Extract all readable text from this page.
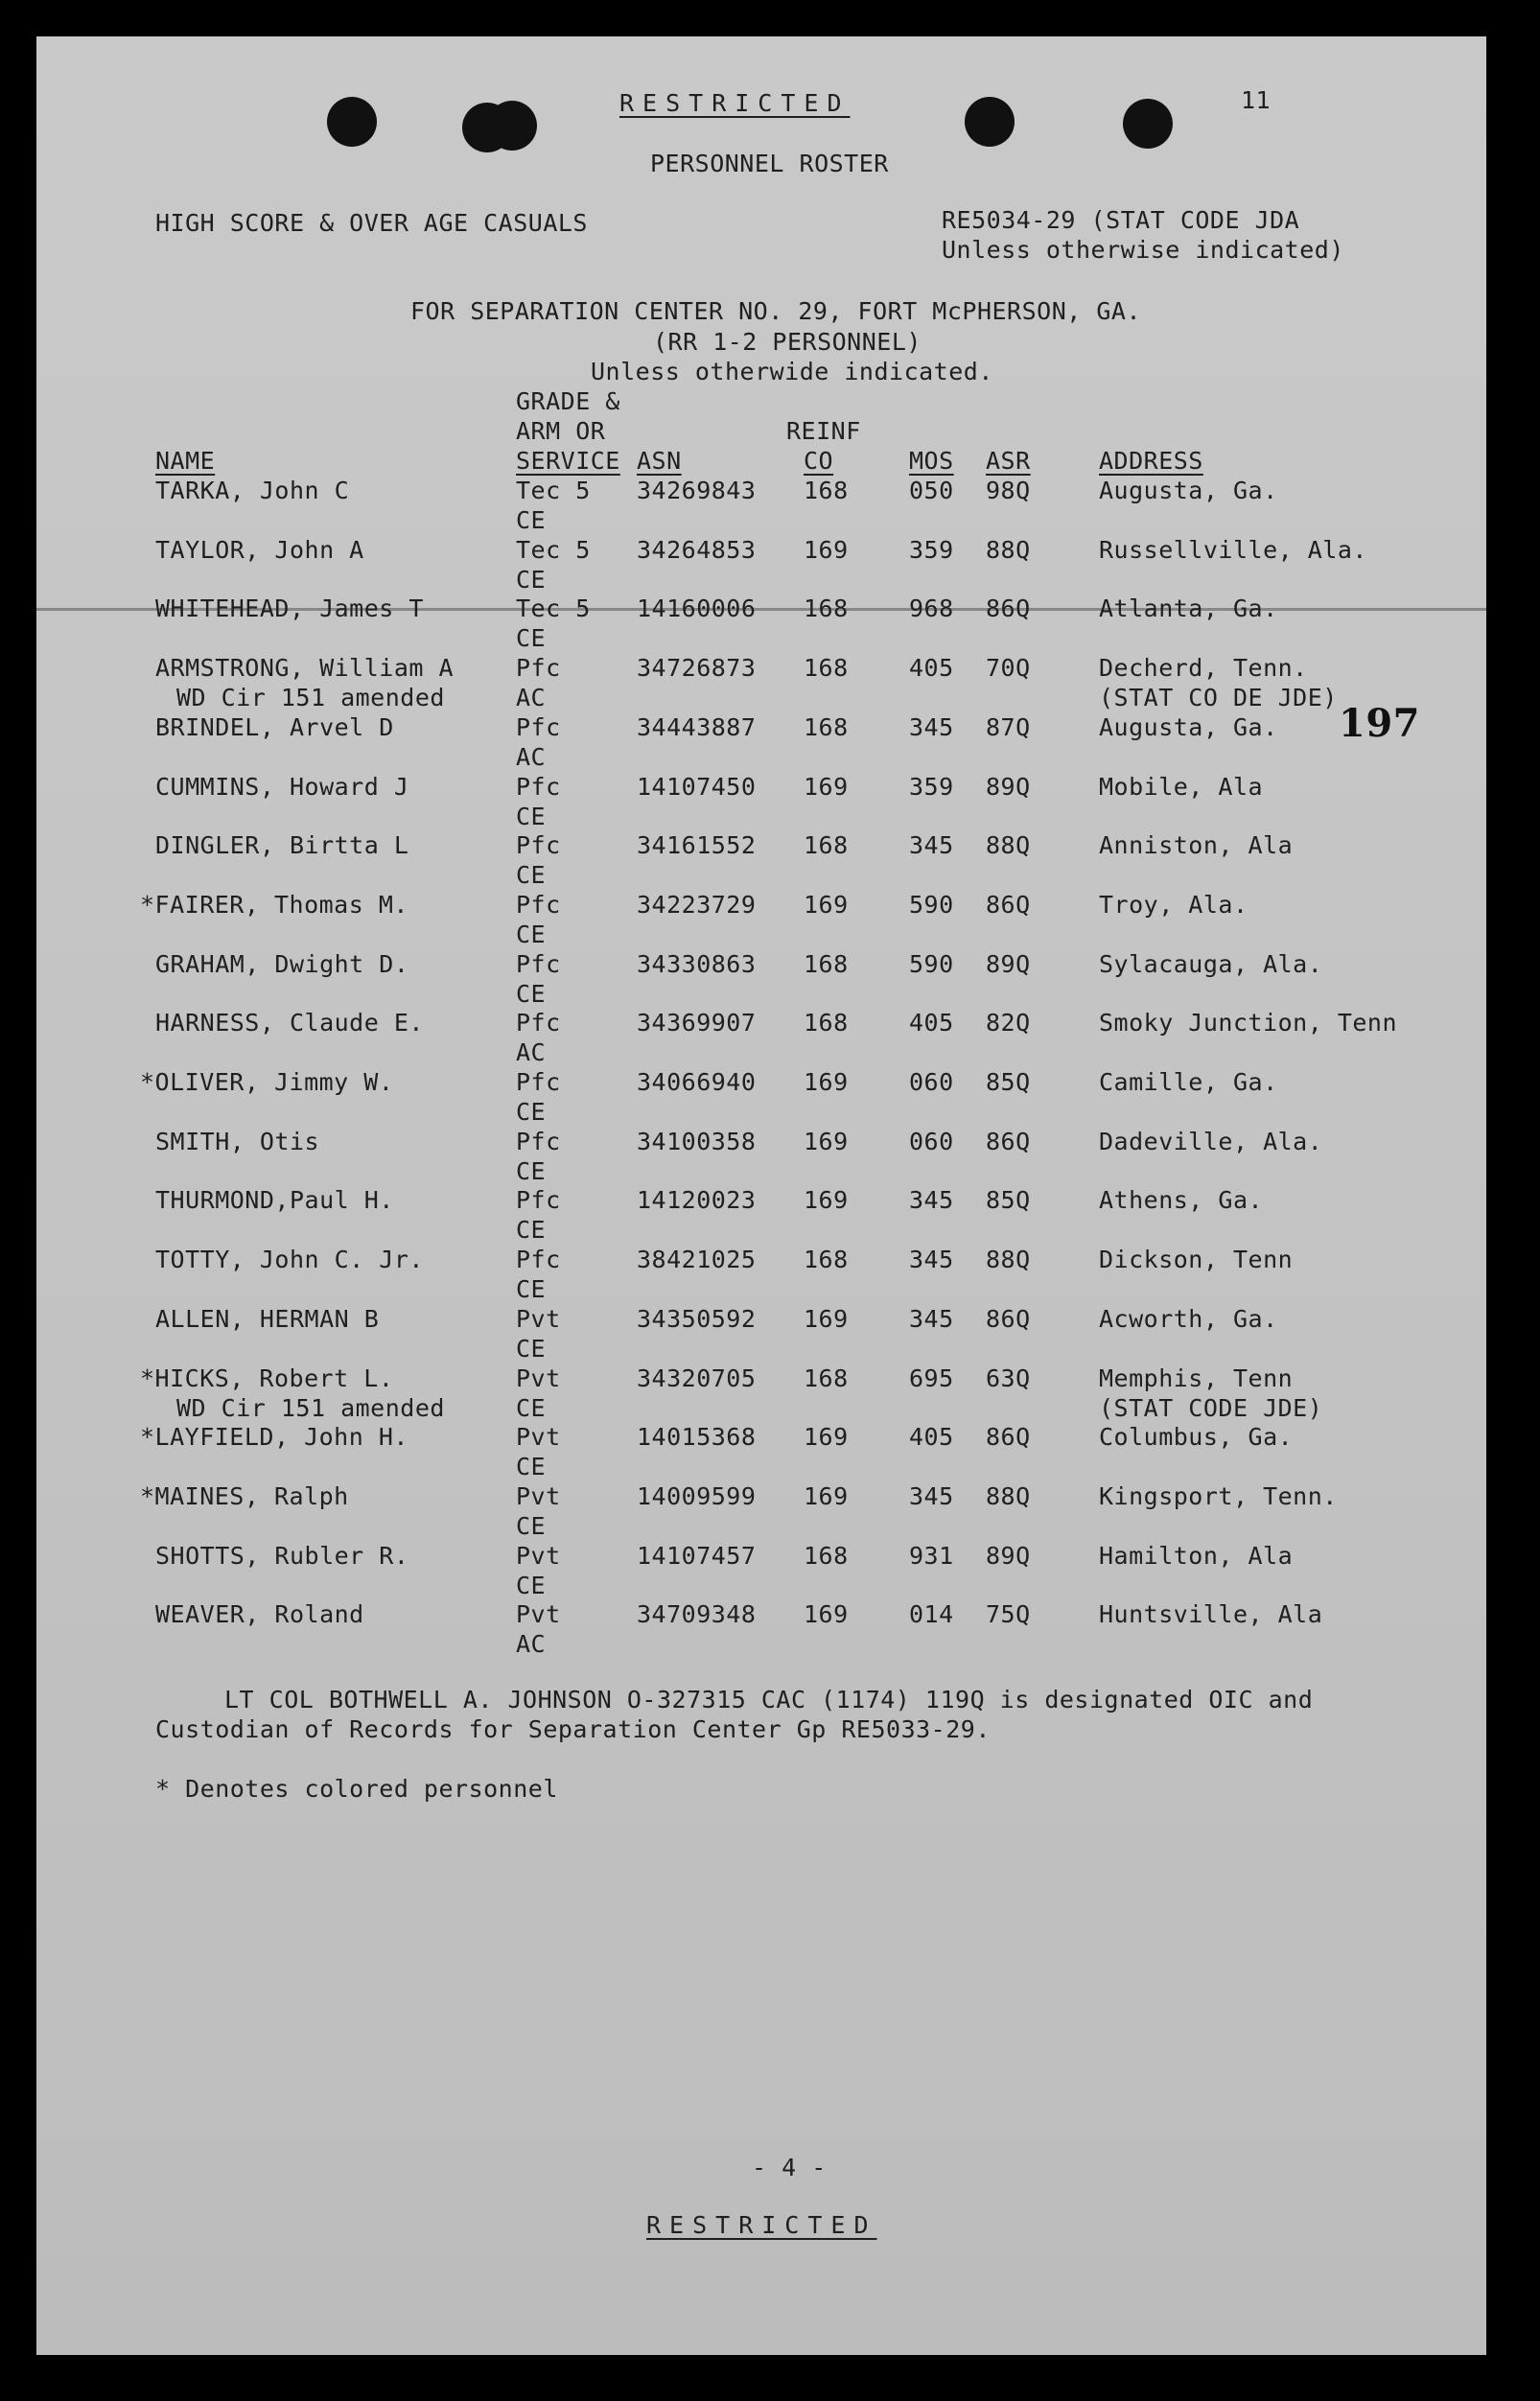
11
RESTRICTED
PERSONNEL ROSTER
HIGH SCORE & OVER AGE CASUALS	RE5034-29 (STAT CODE JDA
Unless otherwise indicated)
FOR SEPARATION CENTER NO. 29, FORT McPHERSON, GA.
(RR 1-2 PERSONNEL)
Unless otherwide indicated.
GRADE &
ARM OR	REINF
NAME	SERVICE ASN	CO	MOS ASR	ADDRESS
TARKA, John C	Tec 5 34269843 168	050 98Q	Augusta, Ga.
CE
TAYLOR, John A	Tec 5 34264853 169	359 88Q	Russellville, Ala.
CE
WHITEHEAD, James T	Tec 5 14160006 168	968 86Q	Atlanta, Ga.
CE
ARMSTRONG, William A	Pfc	34726873 168	405 70Q	Decherd, Tenn.
AC
WD Cir 151 amended	(STAT CO DE JDE)
BRINDEL, Arvel D	Pfc	34443887 168	345 87Q	Augusta, Ga.
AC
CUMMINS, Howard J	Pfc	14107450 169	359 89Q	Mobile, Ala
CE
DINGLER, Birtta L	Pfc	34161552 168	345 88Q	Anniston, Ala
CE
*FAIRER, Thomas M.	Pfc	34223729 169	590 86Q	Troy, Ala.
CE
GRAHAM, Dwight D.	Pfc	34330863 168	590 89Q	Sylacauga, Ala.
CE
HARNESS, Claude E.	Pfc	34369907 168	405 82Q	Smoky Junction, Tenn
AC
*OLIVER, Jimmy W.	Pfc	34066940 169	060 85Q	Camille, Ga.
CE
SMITH, Otis	Pfc	34100358 169	060 86Q	Dadeville, Ala.
CE
THURMOND,Paul H.	Pfc	14120023 169	345 85Q	Athens, Ga.
CE
TOTTY, John C. Jr.	Pfc	38421025 168	345 88Q	Dickson, Tenn
CE
ALLEN, HERMAN B	Pvt	34350592 169	345 86Q	Acworth, Ga.
CE
*HICKS, Robert L.	Pvt	34320705 168	695 63Q	Memphis, Tenn
CE
WD Cir 151 amended	(STAT CODE JDE)
*LAYFIELD, John H.	Pvt	14015368 169	405 86Q	Columbus, Ga.
CE
*MAINES, Ralph	Pvt	14009599 169	345 88Q	Kingsport, Tenn.
CE
SHOTTS, Rubler R.	Pvt	14107457 168	931 89Q	Hamilton, Ala
CE
WEAVER, Roland	Pvt	34709348 169	014 75Q	Huntsville, Ala
AC
197
LT COL BOTHWELL A. JOHNSON O-327315 CAC (1174) 119Q is designated OIC and
Custodian of Records for Separation Center Gp RE5033-29.
* Denotes colored personnel
- 4 -
RESTRICTED
